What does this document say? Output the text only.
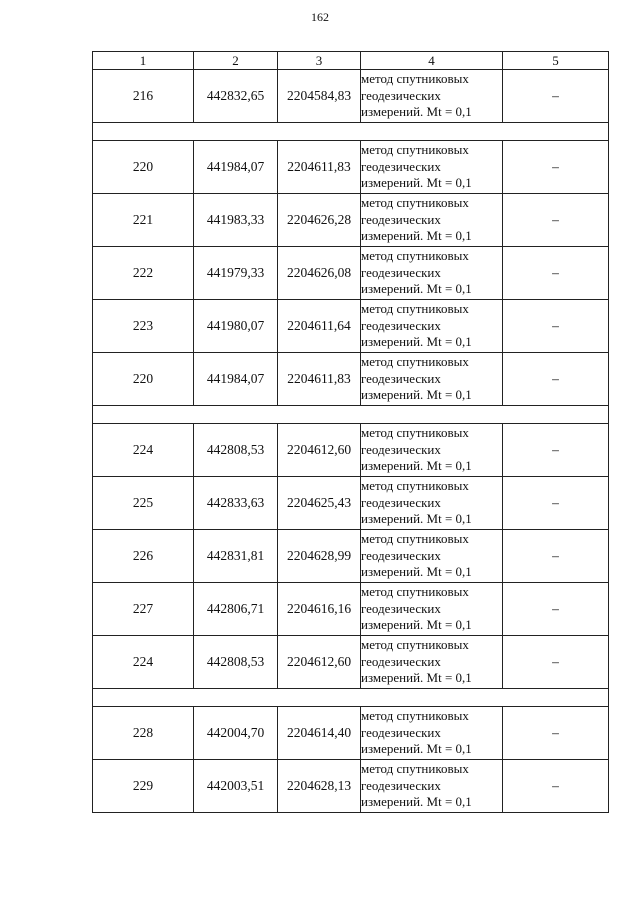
162
1	2	3	4	5
216	442832,65	2204584,83	метод спутниковых
геодезических
измерений. Mt = 0,1	–

220	441984,07	2204611,83	метод спутниковых
геодезических
измерений. Mt = 0,1	–
221	441983,33	2204626,28	метод спутниковых
геодезических
измерений. Mt = 0,1	–
222	441979,33	2204626,08	метод спутниковых
геодезических
измерений. Mt = 0,1	–
223	441980,07	2204611,64	метод спутниковых
геодезических
измерений. Mt = 0,1	–
220	441984,07	2204611,83	метод спутниковых
геодезических
измерений. Mt = 0,1	–

224	442808,53	2204612,60	метод спутниковых
геодезических
измерений. Mt = 0,1	–
225	442833,63	2204625,43	метод спутниковых
геодезических
измерений. Mt = 0,1	–
226	442831,81	2204628,99	метод спутниковых
геодезических
измерений. Mt = 0,1	–
227	442806,71	2204616,16	метод спутниковых
геодезических
измерений. Mt = 0,1	–
224	442808,53	2204612,60	метод спутниковых
геодезических
измерений. Mt = 0,1	–

228	442004,70	2204614,40	метод спутниковых
геодезических
измерений. Mt = 0,1	–
229	442003,51	2204628,13	метод спутниковых
геодезических
измерений. Mt = 0,1	–
